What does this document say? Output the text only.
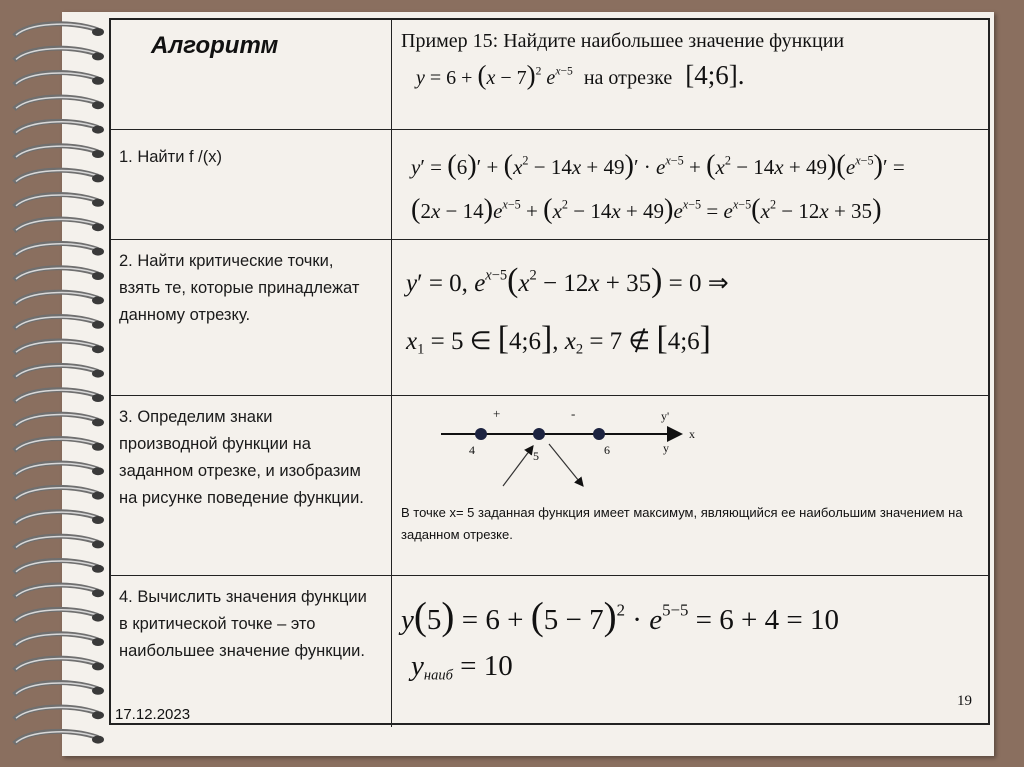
Алгоритм	Пример 15: Найдите наибольшее значение функции
$y = 6 + (x - 7)^2$ $e^{x-5}$ на отрезке [4;6].
1. Найти f /(x)	$y' = (6)' + (x^2 - 14x + 49)' \cdot e^{x-5} + (x^2 - 14x + 49)(e^{x-5})'$ =
$(2x - 14)e^{x-5} + (x^2 - 14x + 49)e^{x-5} = e^{x-5}(x^2 - 12x + 35)$
2. Найти критические точки, взять те, которые принадлежат данному отрезку.
y′ = 0, $e^{x-5}(x^2 - 12x + 35) = 0$ ⇒
$x_1 = 5$ ∈ [4;6], $x_2 = 7$ ∉ [4;6]
3. Определим знаки производной функции на заданном отрезке, и изобразим на рисунке поведение функции.
+	-	y'
x
y
4	5	6
В точке х= 5 заданная функция имеет максимум, являющийся ее наибольшим значением на заданном отрезке.
4. Вычислить значения функции в критической точке – это наибольшее значение функции.
$y(5) = 6 + (5 - 7)^2 \cdot e^{5-5} = 6 + 4 = 10$
$y_{наиб} = 10$
17.12.2023
19
